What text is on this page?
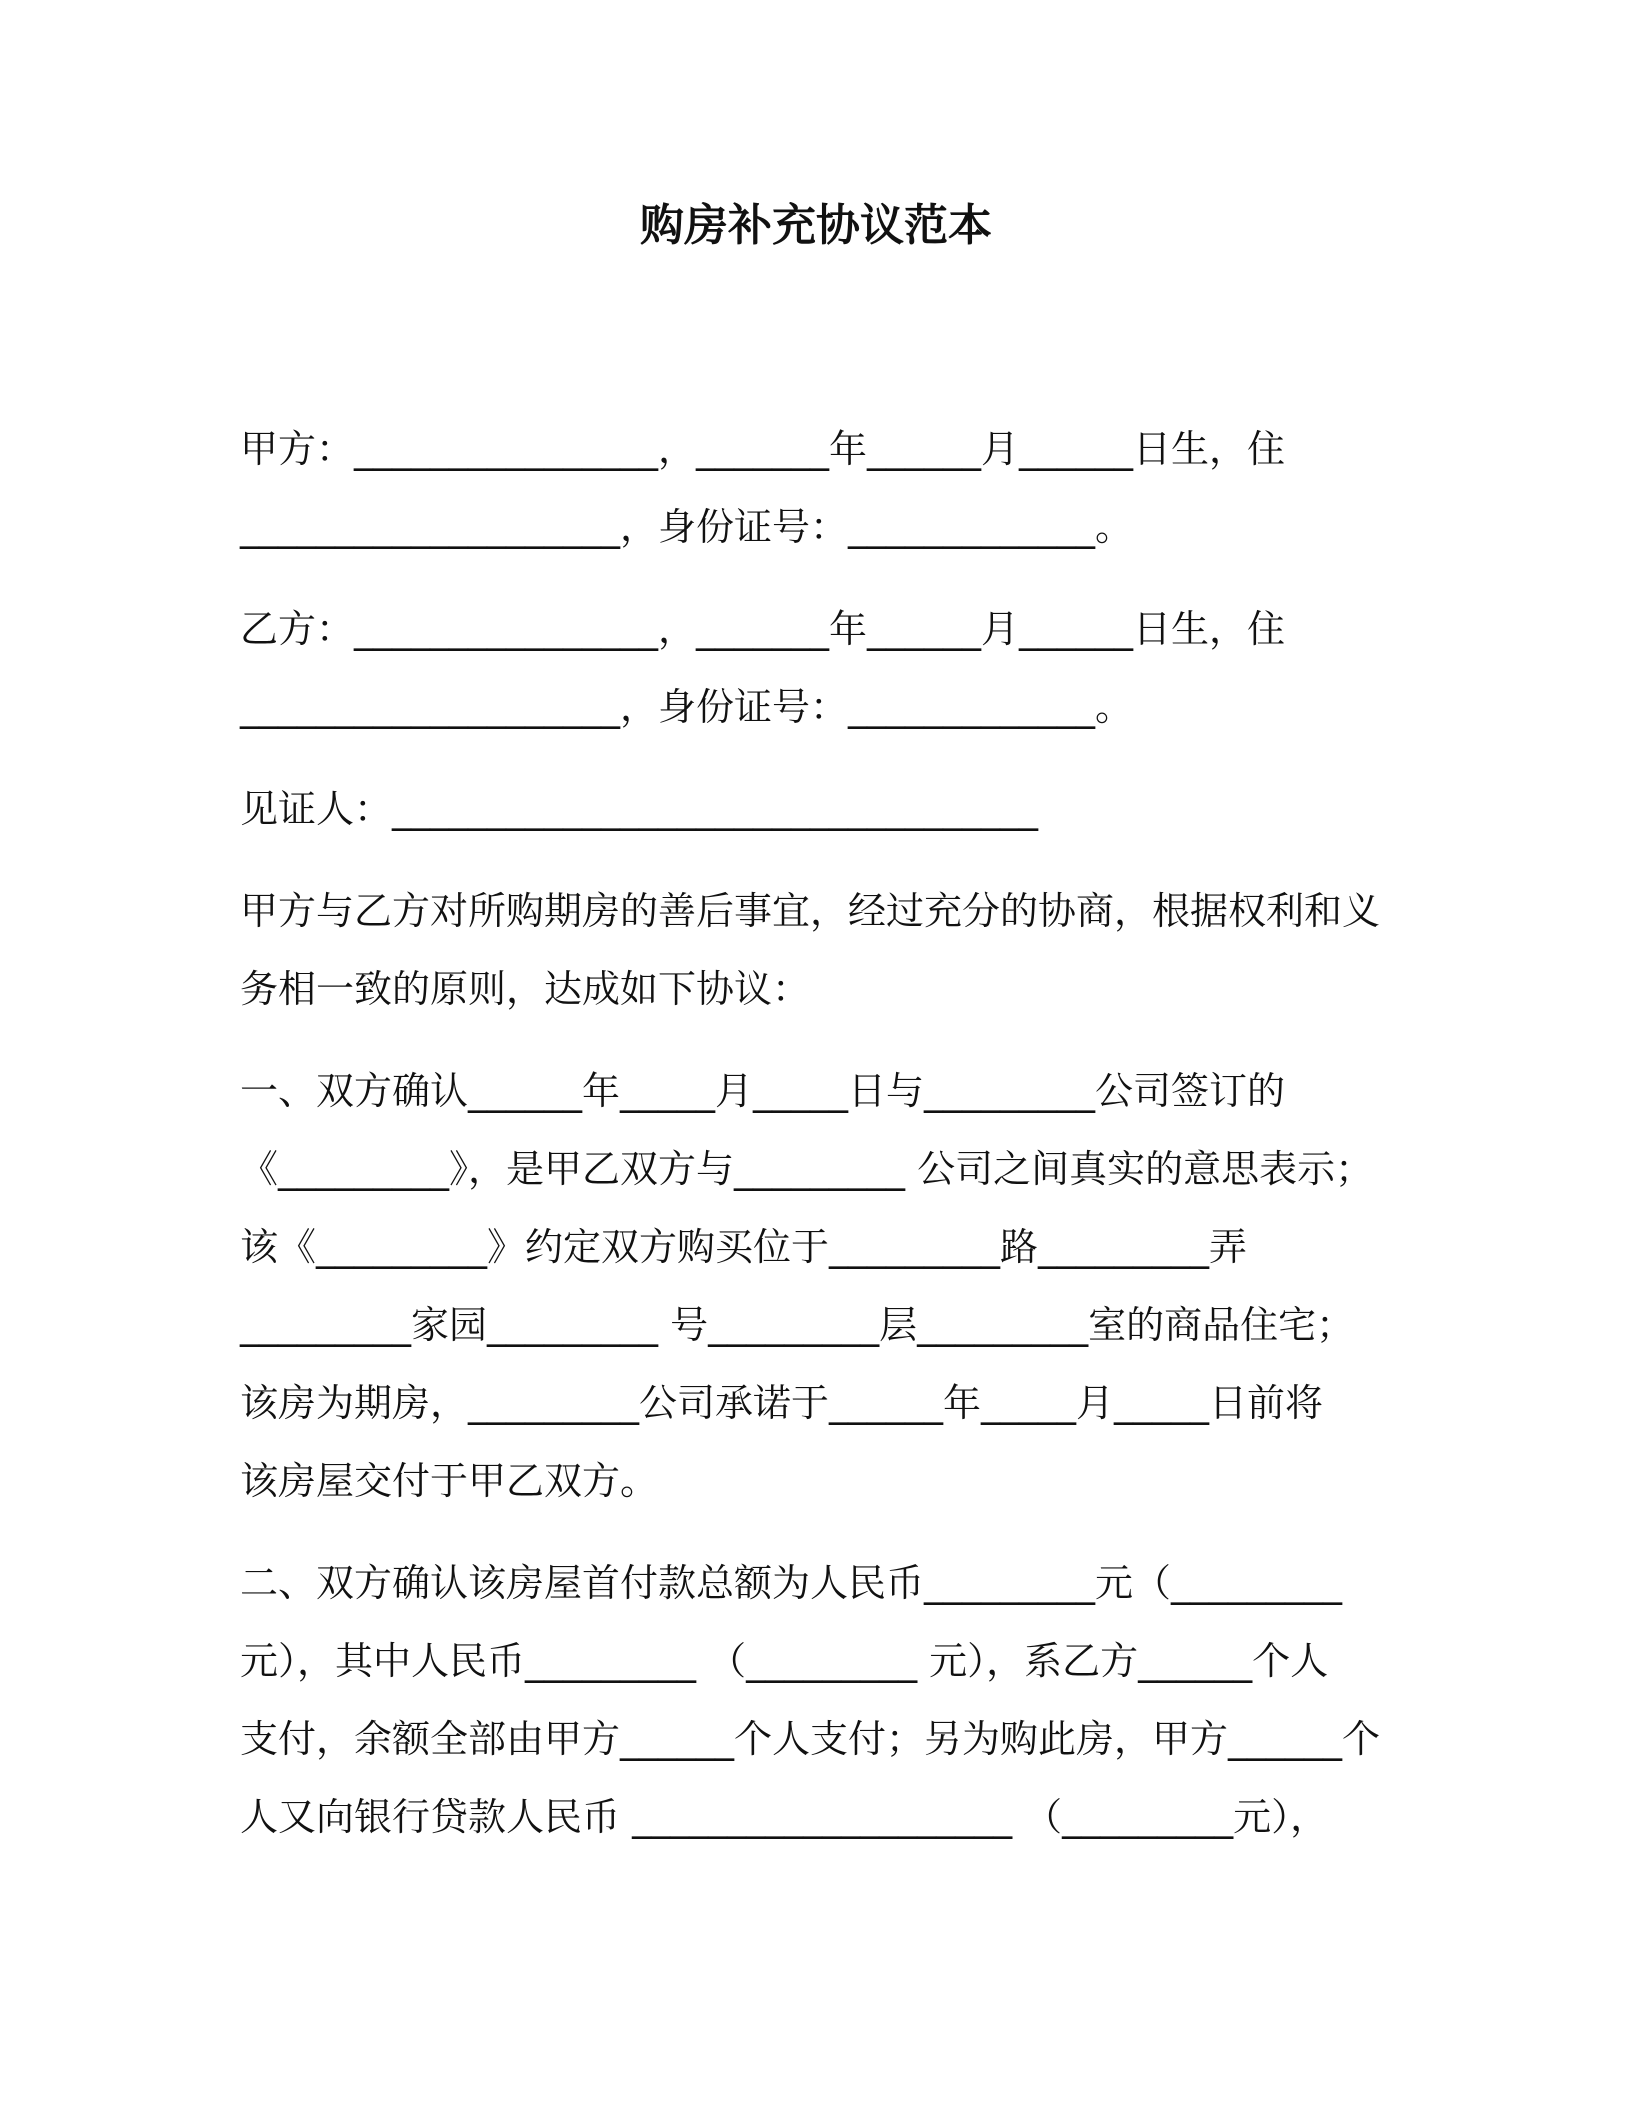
购房补充协议范本
甲方：________________，_______年______月______日生，住
____________________，身份证号：_____________。
乙方：________________，_______年______月______日生，住
____________________，身份证号：_____________。
见证人：__________________________________
甲方与乙方对所购期房的善后事宜，经过充分的协商，根据权利和义
务相一致的原则，达成如下协议：
一、双方确认______年_____月_____日与_________公司签订的
《_________》，是甲乙双方与_________ 公司之间真实的意思表示；
该《_________》约定双方购买位于_________路_________弄
_________家园_________ 号_________层_________室的商品住宅；
该房为期房，_________公司承诺于______年_____月_____日前将
该房屋交付于甲乙双方。
二、双方确认该房屋首付款总额为人民币_________元（_________
元），其中人民币_________ （_________ 元），系乙方______个人
支付，余额全部由甲方______个人支付；另为购此房，甲方______个
人又向银行贷款人民币 ____________________ （_________元），
